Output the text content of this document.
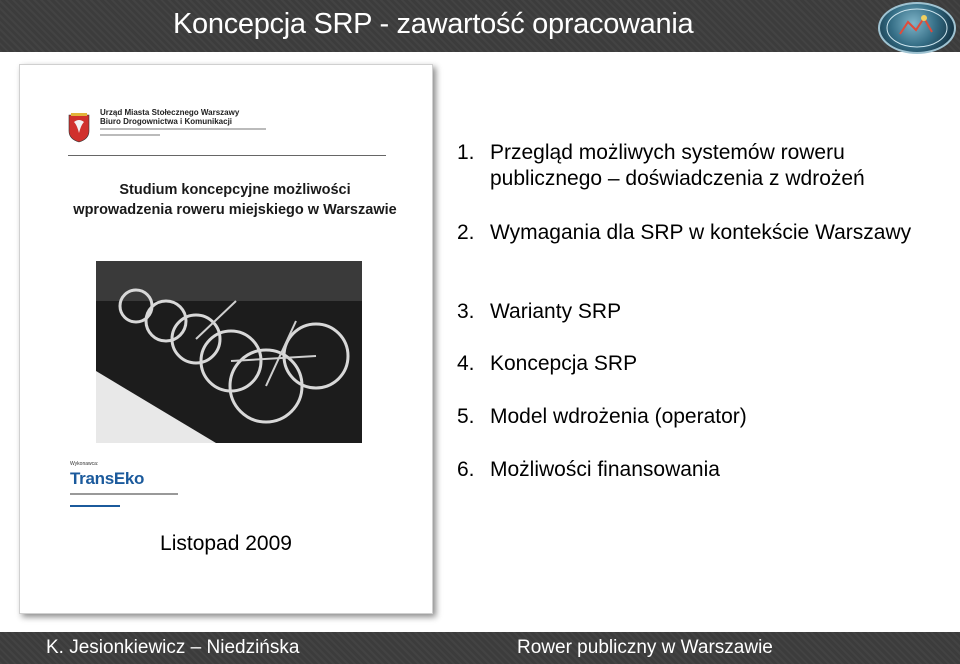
Koncepcja SRP - zawartość opracowania
Urząd Miasta Stołecznego Warszawy
Biuro Drogownictwa i Komunikacji
Studium koncepcyjne możliwości wprowadzenia roweru miejskiego w Warszawie
Wykonawca:
TransEko
Listopad 2009
1. Przegląd możliwych systemów roweru publicznego – doświadczenia z wdrożeń
2. Wymagania dla SRP w kontekście Warszawy
3. Warianty SRP
4. Koncepcja SRP
5. Model wdrożenia (operator)
6. Możliwości finansowania
K. Jesionkiewicz – Niedzińska	Rower publiczny w Warszawie
